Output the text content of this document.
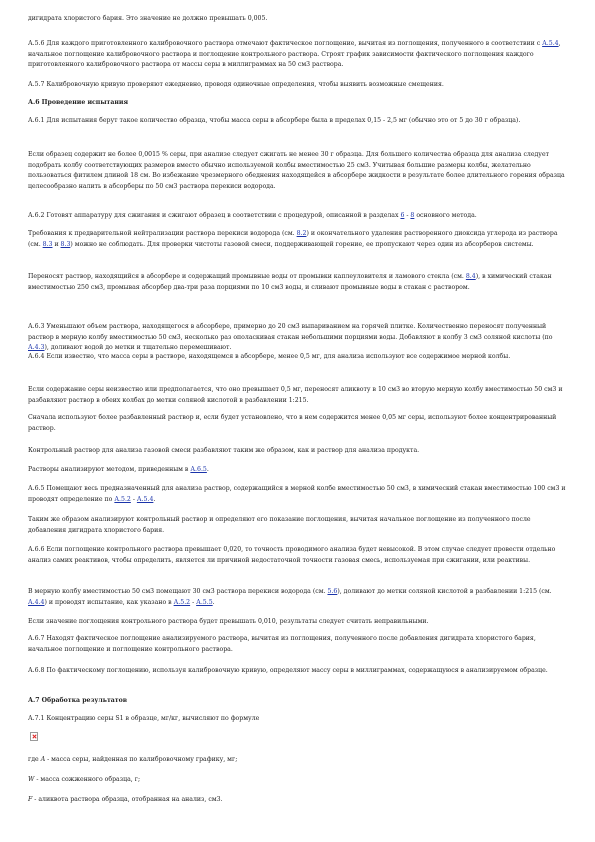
дигидрата хлористого бария. Это значение не должно превышать 0,005.

А.5.6 Для каждого приготовленного калибровочного раствора отмечают фактическое поглощение, вычитая из поглощения, полученного в соответствии с А.5.4, начальное поглощение калибровочного раствора и поглощение контрольного раствора. Строят график зависимости фактического поглощения каждого приготовленного калибровочного раствора от массы серы в миллиграммах на 50 см3 раствора.

А.5.7 Калибровочную кривую проверяют ежедневно, проводя одиночные определения, чтобы выявить возможные смещения.

А.6 Проведение испытания

А.6.1 Для испытания берут такое количество образца, чтобы масса серы в абсорбере была в пределах 0,15 - 2,5 мг (обычно это от 5 до 30 г образца).

Если образец содержит не более 0,0015 % серы, при анализе следует сжигать не менее 30 г образца. Для большего количества образца для анализа следует подобрать колбу соответствующих размеров вместо обычно используемой колбы вместимостью 25 см3. Учитывая большие размеры колбы, желательно пользоваться фитилем длиной 18 см. Во избежание чрезмерного обеднения находящейся в абсорбере жидкости в результате более длительного горения образца целесообразно налить в абсорберы по 50 см3 раствора перекиси водорода.

А.6.2 Готовят аппаратуру для сжигания и сжигают образец в соответствии с процедурой, описанной в разделах 6 - 8 основного метода.

Требования к предварительной нейтрализации раствора перекиси водорода (см. 8.2) и окончательного удаления растворенного диоксида углерода из раствора (см. 8.3 и 8.3) можно не соблюдать. Для проверки чистоты газовой смеси, поддерживающей горение, ее пропускают через один из абсорберов системы.

Переносят раствор, находящийся в абсорбере и содержащий промывные воды от промывки каплеуловителя и ламового стекла (см. 8.4), в химический стакан вместимостью 250 см3, промывая абсорбер два-три раза порциями по 10 см3 воды, и сливают промывные воды в стакан с раствором.

А.6.3 Уменьшают объем раствора, находящегося в абсорбере, примерно до 20 см3 выпариванием на горячей плитке. Количественно переносят полученный раствор в мерную колбу вместимостью 50 см3, несколько раз ополаскивая стакан небольшими порциями воды. Добавляют в колбу 3 см3 соляной кислоты (по А.4.3), доливают водой до метки и тщательно перемешивают.

А.6.4 Если известно, что масса серы в растворе, находящемся в абсорбере, менее 0,5 мг, для анализа используют все содержимое мерной колбы.

Если содержание серы неизвестно или предполагается, что оно превышает 0,5 мг, переносят аликвоту в 10 см3 во вторую мерную колбу вместимостью 50 см3 и разбавляют раствор в обеих колбах до метки соляной кислотой в разбавлении 1:215.

Сначала используют более разбавленный раствор и, если будет установлено, что в нем содержится менее 0,05 мг серы, используют более концентрированный раствор.

Контрольный раствор для анализа газовой смеси разбавляют таким же образом, как и раствор для анализа продукта.

Растворы анализируют методом, приведенным в А.6.5.

А.6.5 Помещают весь предназначенный для анализа раствор, содержащийся в мерной колбе вместимостью 50 см3, в химический стакан вместимостью 100 см3 и проводят определение по А.5.2 - А.5.4.

Таким же образом анализируют контрольный раствор и определяют его показание поглощения, вычитая начальное поглощение из полученного после добавления дигидрата хлористого бария.

А.6.6 Если поглощение контрольного раствора превышает 0,020, то точность проводимого анализа будет невысокой. В этом случае следует провести отдельно анализ самих реактивов, чтобы определить, является ли причиной недостаточной точности газовая смесь, используемая при сжигании, или реактивы.

В мерную колбу вместимостью 50 см3 помещают 30 см3 раствора перекиси водорода (см. 5.6), доливают до метки соляной кислотой в разбавлении 1:215 (см. А.4.4) и проводят испытание, как указано в А.5.2 - А.5.5.

Если значение поглощения контрольного раствора будет превышать 0,010, результаты следует считать неправильными.

А.6.7 Находят фактическое поглощение анализируемого раствора, вычитая из поглощения, полученного после добавления дигидрата хлористого бария, начальное поглощение и поглощение контрольного раствора.

А.6.8 По фактическому поглощению, используя калибровочную кривую, определяют массу серы в миллиграммах, содержащуюся в анализируемом образце.

А.7 Обработка результатов

А.7.1 Концентрацию серы S1 в образце, мг/кг, вычисляют по формуле

где A - масса серы, найденная по калибровочному графику, мг;

W - масса сожженного образца, г;

F - аликвота раствора образца, отобранная на анализ, см3.
